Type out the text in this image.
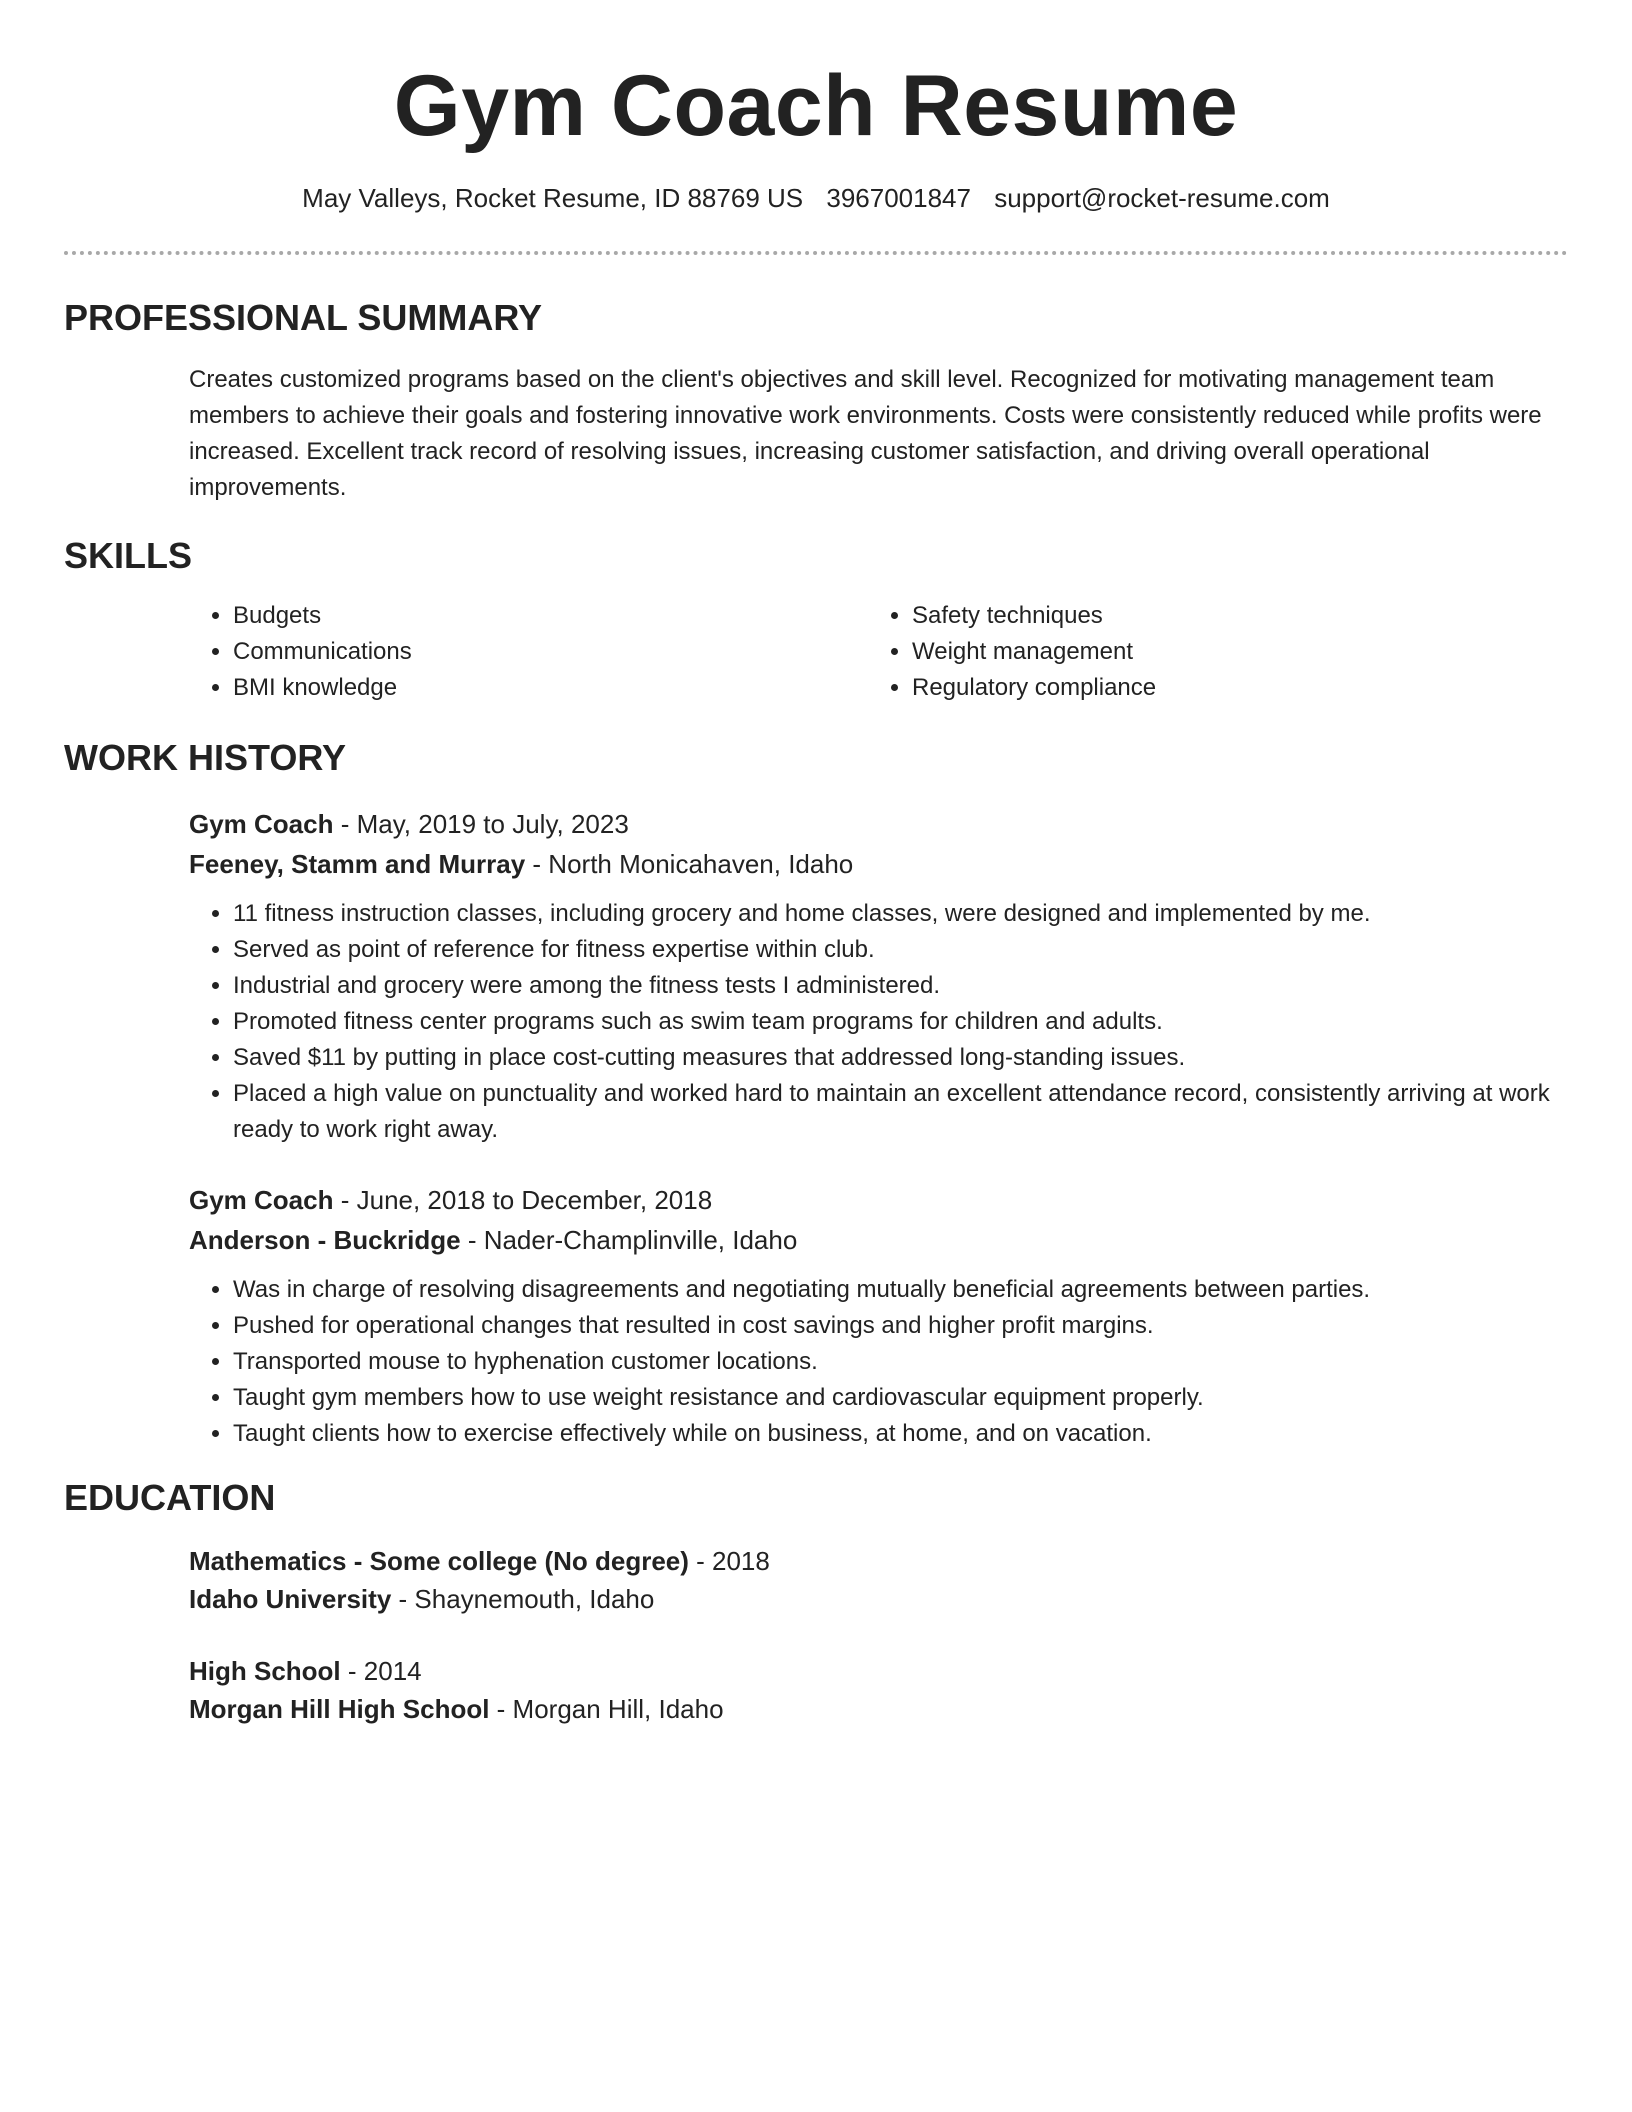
Gym Coach Resume
May Valleys, Rocket Resume, ID 88769 US 3967001847 support@rocket-resume.com
PROFESSIONAL SUMMARY

Creates customized programs based on the client's objectives and skill level. Recognized for motivating management team members to achieve their goals and fostering innovative work environments. Costs were consistently reduced while profits were increased. Excellent track record of resolving issues, increasing customer satisfaction, and driving overall operational improvements.

SKILLS
• Budgets
• Communications
• BMI knowledge
• Safety techniques
• Weight management
• Regulatory compliance
WORK HISTORY

Gym Coach - May, 2019 to July, 2023

Feeney, Stamm and Murray - North Monicahaven, Idaho

• 11 fitness instruction classes, including grocery and home classes, were designed and implemented by me.
• Served as point of reference for fitness expertise within club.
• Industrial and grocery were among the fitness tests I administered.
• Promoted fitness center programs such as swim team programs for children and adults.
• Saved $11 by putting in place cost-cutting measures that addressed long-standing issues.
• Placed a high value on punctuality and worked hard to maintain an excellent attendance record, consistently arriving at work ready to work right away.

Gym Coach - June, 2018 to December, 2018

Anderson - Buckridge - Nader-Champlinville, Idaho

• Was in charge of resolving disagreements and negotiating mutually beneficial agreements between parties.
• Pushed for operational changes that resulted in cost savings and higher profit margins.
• Transported mouse to hyphenation customer locations.
• Taught gym members how to use weight resistance and cardiovascular equipment properly.
• Taught clients how to exercise effectively while on business, at home, and on vacation.
EDUCATION

Mathematics - Some college (No degree) - 2018

Idaho University - Shaynemouth, Idaho

High School - 2014

Morgan Hill High School - Morgan Hill, Idaho
